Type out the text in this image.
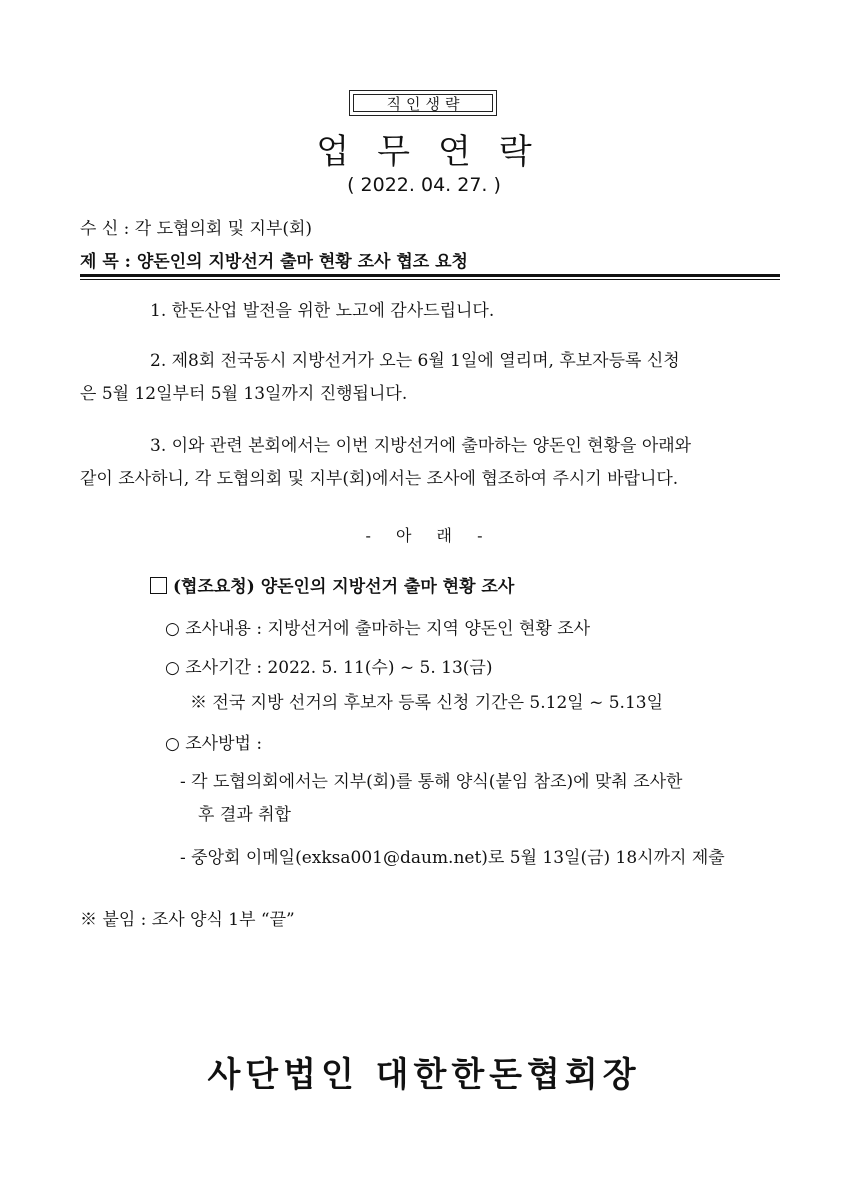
직인생략
업무연락
( 2022. 04. 27. )
수 신 : 각 도협의회 및 지부(회)
제 목 : 양돈인의 지방선거 출마 현황 조사 협조 요청
1. 한돈산업 발전을 위한 노고에 감사드립니다.
2. 제8회 전국동시 지방선거가 오는 6월 1일에 열리며, 후보자등록 신청
은 5월 12일부터 5월 13일까지 진행됩니다.
3. 이와 관련 본회에서는 이번 지방선거에 출마하는 양돈인 현황을 아래와
같이 조사하니, 각 도협의회 및 지부(회)에서는 조사에 협조하여 주시기 바랍니다.
- 아 래 -
(협조요청) 양돈인의 지방선거 출마 현황 조사
○ 조사내용 : 지방선거에 출마하는 지역 양돈인 현황 조사
○ 조사기간 : 2022. 5. 11(수) ~ 5. 13(금)
※ 전국 지방 선거의 후보자 등록 신청 기간은 5.12일 ~ 5.13일
○ 조사방법 :
- 각 도협의회에서는 지부(회)를 통해 양식(붙임 참조)에 맞춰 조사한
후 결과 취합
- 중앙회 이메일(exksa001@daum.net)로 5월 13일(금) 18시까지 제출
※ 붙임 : 조사 양식 1부 “끝”
사단법인 대한한돈협회장
